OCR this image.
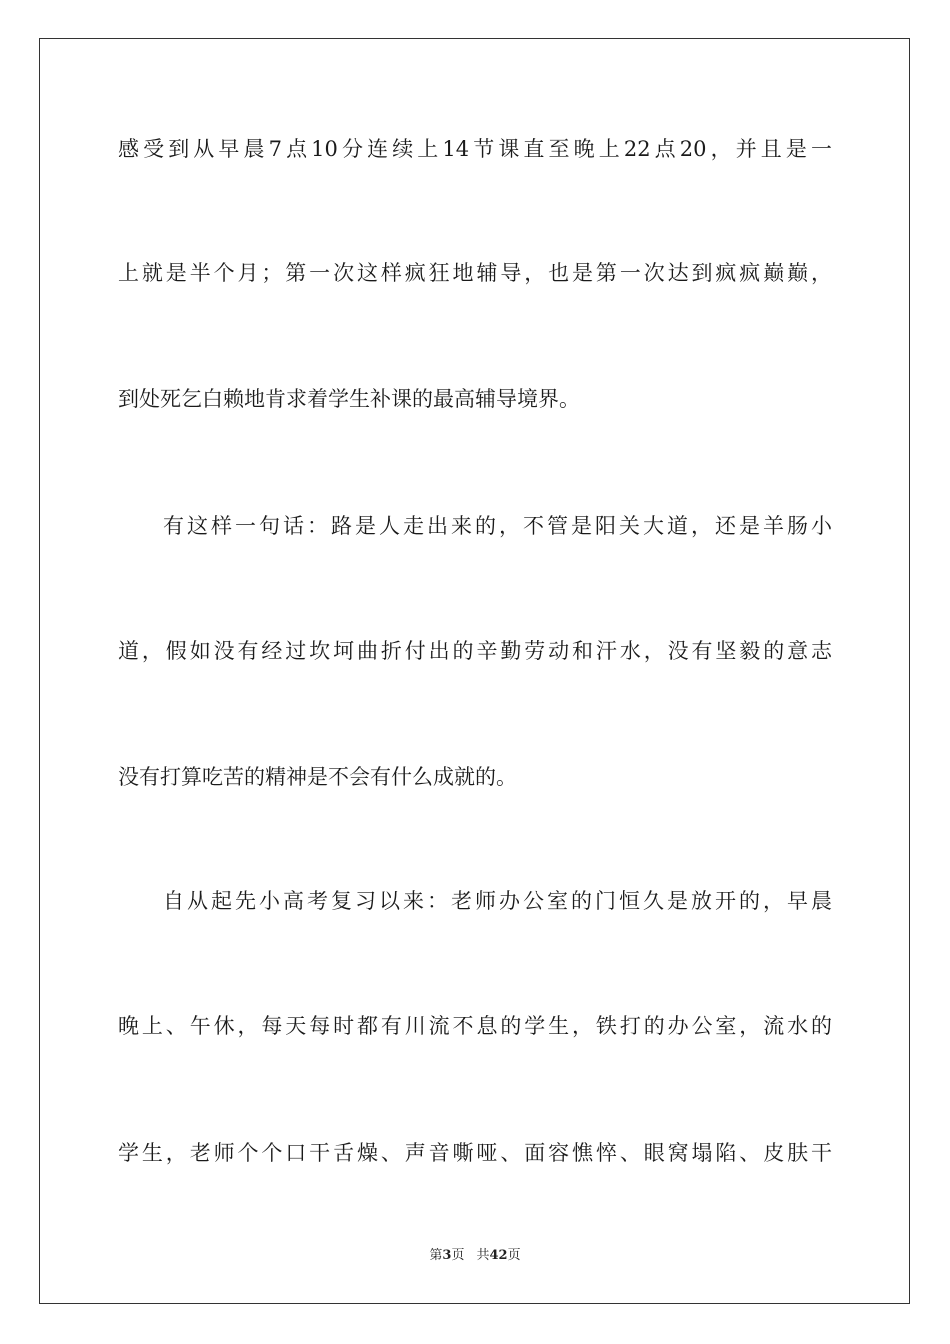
感受到从早晨7点10分连续上14节课直至晚上22点20，并且是一
上就是半个月；第一次这样疯狂地辅导，也是第一次达到疯疯巅巅，
到处死乞白赖地肯求着学生补课的最高辅导境界。
有这样一句话：路是人走出来的，不管是阳关大道，还是羊肠小
道，假如没有经过坎坷曲折付出的辛勤劳动和汗水，没有坚毅的意志
没有打算吃苦的精神是不会有什么成就的。
自从起先小高考复习以来：老师办公室的门恒久是放开的，早晨
晚上、午休，每天每时都有川流不息的学生，铁打的办公室，流水的
学生，老师个个口干舌燥、声音嘶哑、面容憔悴、眼窝塌陷、皮肤干
第3页 共42页
